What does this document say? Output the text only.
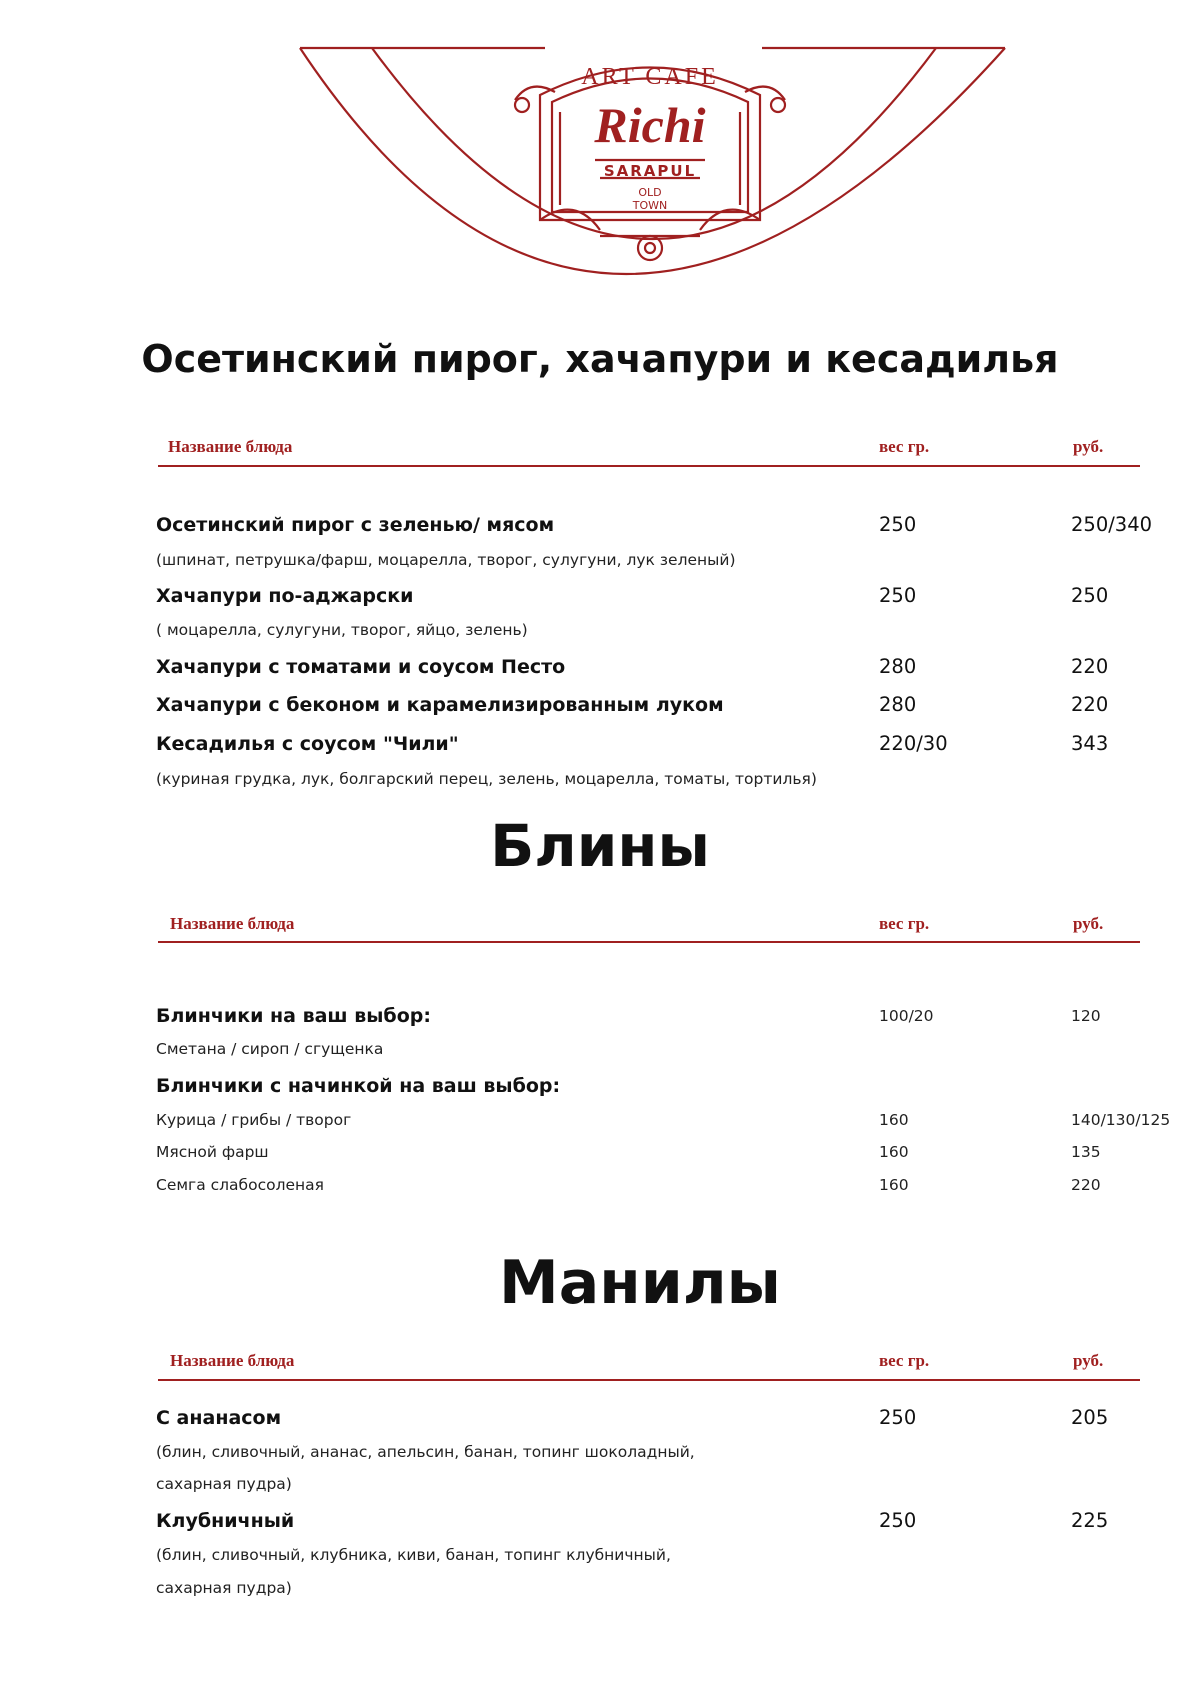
ART CAFE
Richi
SARAPUL
OLD
TOWN
Осетинский пирог, хачапури и кесадилья
Название блюда	вес гр.	руб.
Осетинский пирог с зеленью/ мясом	250	250/340
(шпинат, петрушка/фарш, моцарелла, творог, сулугуни, лук зеленый)
Хачапури по-аджарски	250	250
( моцарелла, сулугуни, творог, яйцо, зелень)
Хачапури с томатами и соусом Песто	280	220
Хачапури с беконом и карамелизированным луком	280	220
Кесадилья с соусом "Чили"	220/30	343
(куриная грудка, лук, болгарский перец, зелень, моцарелла, томаты, тортилья)
Блины
Название блюда	вес гр.	руб.
Блинчики на ваш выбор:	100/20	120
Сметана / сироп / сгущенка
Блинчики с начинкой на ваш выбор:
Курица / грибы / творог	160	140/130/125
Мясной фарш	160	135
Семга слабосоленая	160	220
Манилы
Название блюда	вес гр.	руб.
С ананасом	250	205
(блин, сливочный, ананас, апельсин, банан, топинг шоколадный,
сахарная пудра)
Клубничный	250	225
(блин, сливочный, клубника, киви, банан, топинг клубничный,
сахарная пудра)
